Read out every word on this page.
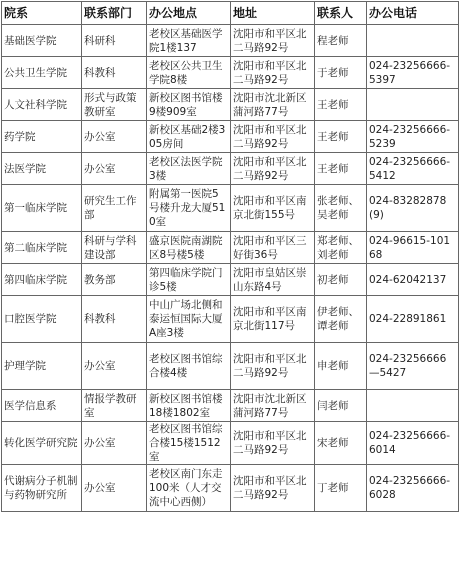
院系	联系部门	办公地点	地址	联系人	办公电话
基础医学院	科研科	老校区基础医学院1楼137	沈阳市和平区北二马路92号	程老师	
公共卫生学院	科教科	老校区公共卫生学院8楼	沈阳市和平区北二马路92号	于老师	024-23256666-5397
人文社科学院	形式与政策教研室	新校区图书馆楼9楼909室	沈阳市沈北新区蒲河路77号	王老师	
药学院	办公室	新校区基础2楼305房间	沈阳市和平区北二马路92号	王老师	024-23256666-5239
法医学院	办公室	老校区法医学院3楼	沈阳市和平区北二马路92号	王老师	024-23256666-5412
第一临床学院	研究生工作部	附属第一医院5号楼升龙大厦510室	沈阳市和平区南京北街155号	张老师、吴老师	024-83282878 (9)
第二临床学院	科研与学科建设部	盛京医院南湖院区8号楼5楼	沈阳市和平区三好街36号	郑老师、刘老师	024-96615-10168
第四临床学院	教务部	第四临床学院门诊5楼	沈阳市皇姑区崇山东路4号	初老师	024-62042137
口腔医学院	科教科	中山广场北侧和泰运恒国际大厦A座3楼	沈阳市和平区南京北街117号	伊老师、谭老师	024-22891861
护理学院	办公室	老校区图书馆综合楼4楼	沈阳市和平区北二马路92号	申老师	024-23256666—5427
医学信息系	情报学教研室	新校区图书馆楼18楼1802室	沈阳市沈北新区蒲河路77号	闫老师	
转化医学研究院	办公室	老校区图书馆综合楼15楼1512室	沈阳市和平区北二马路92号	宋老师	024-23256666-6014
代谢病分子机制与药物研究所	办公室	老校区南门东走100米（人才交流中心西侧）	沈阳市和平区北二马路92号	丁老师	024-23256666-6028
